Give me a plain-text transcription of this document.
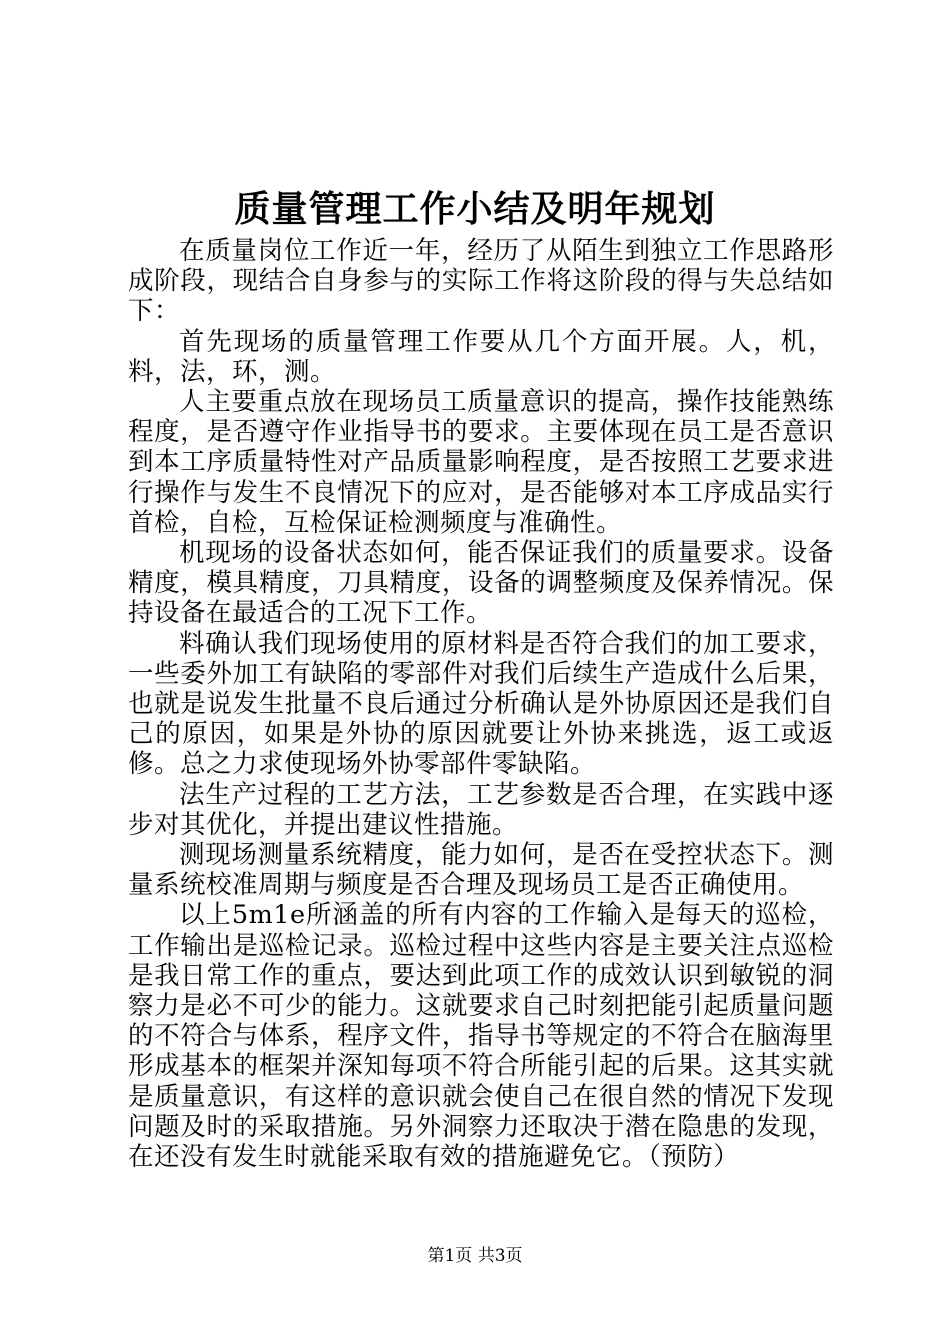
质量管理工作小结及明年规划

在质量岗位工作近一年，经历了从陌生到独立工作思路形成阶段，现结合自身参与的实际工作将这阶段的得与失总结如下：

首先现场的质量管理工作要从几个方面开展。人，机，料，法，环，测。

人主要重点放在现场员工质量意识的提高，操作技能熟练程度，是否遵守作业指导书的要求。主要体现在员工是否意识到本工序质量特性对产品质量影响程度，是否按照工艺要求进行操作与发生不良情况下的应对，是否能够对本工序成品实行首检，自检，互检保证检测频度与准确性。

机现场的设备状态如何，能否保证我们的质量要求。设备精度，模具精度，刀具精度，设备的调整频度及保养情况。保持设备在最适合的工况下工作。

料确认我们现场使用的原材料是否符合我们的加工要求，一些委外加工有缺陷的零部件对我们后续生产造成什么后果，也就是说发生批量不良后通过分析确认是外协原因还是我们自己的原因，如果是外协的原因就要让外协来挑选，返工或返修。总之力求使现场外协零部件零缺陷。

法生产过程的工艺方法，工艺参数是否合理，在实践中逐步对其优化，并提出建议性措施。

测现场测量系统精度，能力如何，是否在受控状态下。测量系统校准周期与频度是否合理及现场员工是否正确使用。

以上5m1e所涵盖的所有内容的工作输入是每天的巡检，工作输出是巡检记录。巡检过程中这些内容是主要关注点巡检是我日常工作的重点，要达到此项工作的成效认识到敏锐的洞察力是必不可少的能力。这就要求自己时刻把能引起质量问题的不符合与体系，程序文件，指导书等规定的不符合在脑海里形成基本的框架并深知每项不符合所能引起的后果。这其实就是质量意识，有这样的意识就会使自己在很自然的情况下发现问题及时的采取措施。另外洞察力还取决于潜在隐患的发现，在还没有发生时就能采取有效的措施避免它。（预防）

第1页 共3页
